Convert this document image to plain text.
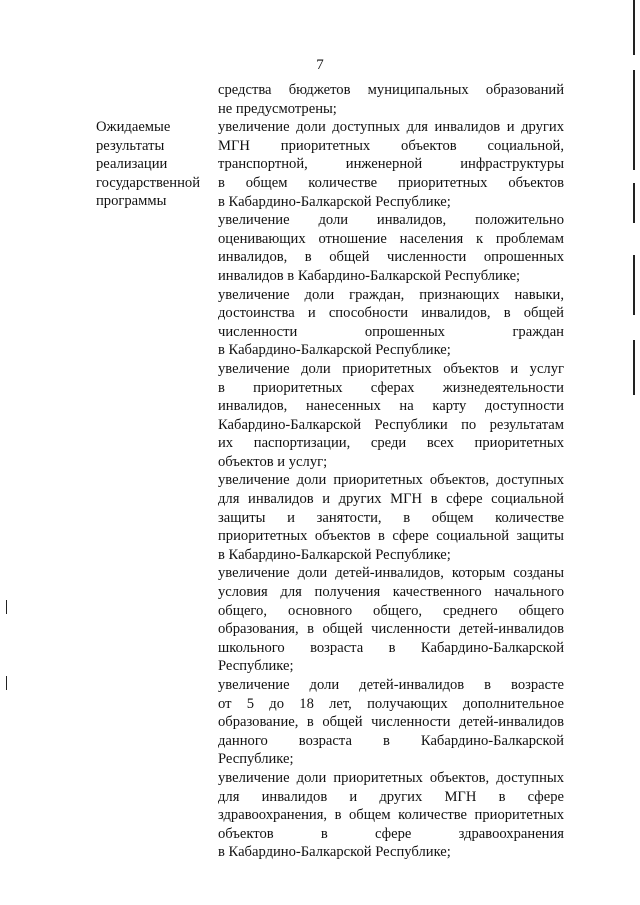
7
Ожидаемые
результаты
реализации
государственной
программы
средства бюджетов муниципальных образований
не предусмотрены;
увеличение доли доступных для инвалидов и других
МГН приоритетных объектов социальной,
транспортной, инженерной инфраструктуры
в общем количестве приоритетных объектов
в Кабардино-Балкарской Республике;
увеличение доли инвалидов, положительно
оценивающих отношение населения к проблемам
инвалидов, в общей численности опрошенных
инвалидов в Кабардино-Балкарской Республике;
увеличение доли граждан, признающих навыки,
достоинства и способности инвалидов, в общей
численности опрошенных граждан
в Кабардино-Балкарской Республике;
увеличение доли приоритетных объектов и услуг
в приоритетных сферах жизнедеятельности
инвалидов, нанесенных на карту доступности
Кабардино-Балкарской Республики по результатам
их паспортизации, среди всех приоритетных
объектов и услуг;
увеличение доли приоритетных объектов, доступных
для инвалидов и других МГН в сфере социальной
защиты и занятости, в общем количестве
приоритетных объектов в сфере социальной защиты
в Кабардино-Балкарской Республике;
увеличение доли детей-инвалидов, которым созданы
условия для получения качественного начального
общего, основного общего, среднего общего
образования, в общей численности детей-инвалидов
школьного возраста в Кабардино-Балкарской
Республике;
увеличение доли детей-инвалидов в возрасте
от 5 до 18 лет, получающих дополнительное
образование, в общей численности детей-инвалидов
данного возраста в Кабардино-Балкарской
Республике;
увеличение доли приоритетных объектов, доступных
для инвалидов и других МГН в сфере
здравоохранения, в общем количестве приоритетных
объектов в сфере здравоохранения
в Кабардино-Балкарской Республике;
